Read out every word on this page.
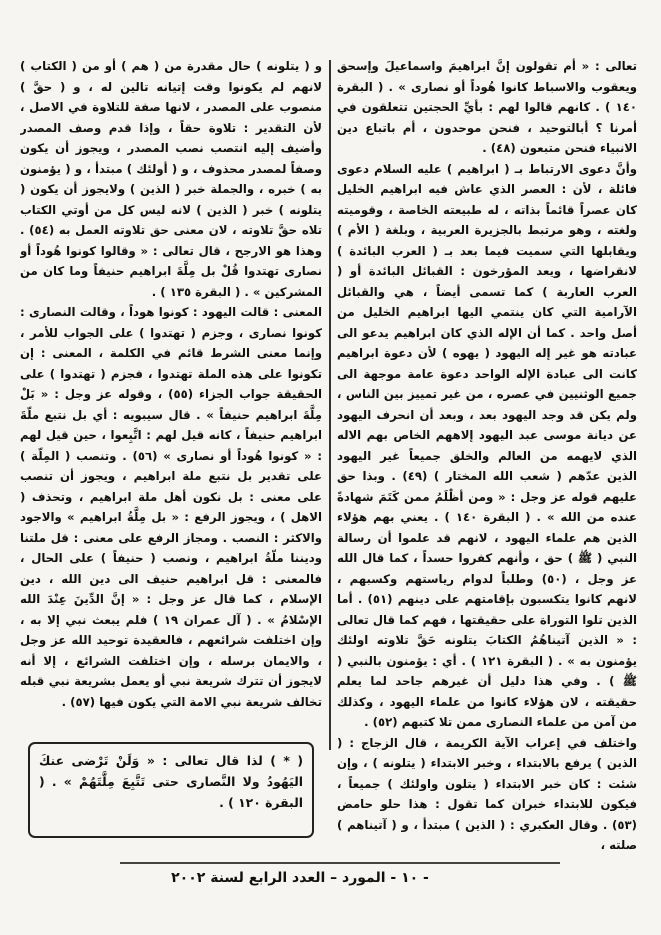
تعالى : « أم تقولون إنَّ ابراهيمَ واسماعيلَ وإسحق ويعقوب والاسباط كانوا هُوداً أو نصارى » . ( البقرة ١٤٠ ) . كانهم قالوا لهم : بأيِّ الحجتين تتعلقون في أمرنا ؟ أبالتوحيد ، فنحن موحدون ، أم باتباع دين الانبياء فنحن متبعون (٤٨) .

وأنَّ دعوى الارتباط بـ ( ابراهيم ) عليه السلام دعوى فائلة ، لأن : العصر الذي عاش فيه ابراهيم الخليل كان عصراً قائماً بذاته ، له طبيعته الخاصة ، وقوميته ولغته ، وهو مرتبط بالجزيرة العربية ، وبلغة ( الأم ) ويقابلها التي سميت فيما بعد بـ ( العرب البائدة ) لانقراضها ، ويعد المؤرخون : القبائل البائدة أو ( العرب العاربة ) كما تسمى أيضاً ، هي والقبائل الآرامية التي كان ينتمي اليها ابراهيم الخليل من أصل واحد . كما أن الإله الذي كان ابراهيم يدعو الى عبادته هو غير إله اليهود ( يهوه ) لأن دعوة ابراهيم كانت الى عبادة الإله الواحد دعوة عامة موجهة الى جميع الوثنيين في عصره ، من غير تمييز بين الناس ، ولم يكن قد وجد اليهود بعد ، وبعد أن انحرف اليهود عن ديانة موسى عبد اليهود إلاههم الخاص بهم الاله الذي لايهمه من العالم والخلق جميعاً غير اليهود الذين عدّهم ( شعب الله المختار ) (٤٩) . وبذا حق عليهم قوله عز وجل : « ومن أظْلَمُ ممن كَتَمَ شهادةً عنده من الله » . ( البقرة ١٤٠ ) . يعني بهم هؤلاء الذين هم علماء اليهود ، لانهم قد علموا أن رسالة النبي ( ﷺ ) حق ، وأنهم كفروا حسداً ، كما قال الله عز وجل ، (٥٠) وطلباً لدوام رياستهم وكسبهم ، لانهم كانوا يتكسبون بإقامتهم على دينهم (٥١) . أما الذين تلوا التوراة على حقيقتها ، فهم كما قال تعالى : « الذين آتيناهُمُ الكتابَ يتلونه حَقَّ تلاوته اولئك يؤمنون به » . ( البقرة ١٢١ ) . أي : يؤمنون بالنبي ( ﷺ ) . وفي هذا دليل أن غيرهم جاحد لما يعلم حقيقته ، لان هؤلاء كانوا من علماء اليهود ، وكذلك من آمن من علماء النصارى ممن تلا كتبهم (٥٢) .

واختلف في إعراب الآية الكريمة ، قال الزجاج : ( الذين ) يرفع بالابتداء ، وخبر الابتداء ( يتلونه ) ، وإن شئت : كان خبر الابتداء ( يتلون واولئك ) جميعاً ، فيكون للابتداء خبران كما تقول : هذا حلو حامض (٥٣) . وقال العكبري : ( الذين ) مبتدأ ، و ( آتيناهم ) صلته ،

و ( يتلونه ) حال مقدرة من ( هم ) أو من ( الكتاب ) لانهم لم يكونوا وقت إتيانه تالين له ، و ( حقَّ ) منصوب على المصدر ، لانها صفة للتلاوة في الاصل ، لأن التقدير : تلاوة حقاً ، وإذا قدم وصف المصدر وأضيف إليه انتصب نصب المصدر ، ويجوز أن يكون وصفاً لمصدر محذوف ، و ( أولئك ) مبتدأ ، و ( يؤمنون به ) خبره ، والجملة خبر ( الذين ) ولايجوز أن يكون ( يتلونه ) خبر ( الذين ) لانه ليس كل من أوتي الكتاب تلاه حقَّ تلاوته ، لان معنى حق تلاوته العمل به (٥٤) . وهذا هو الارجح ، قال تعالى : « وقالوا كونوا هُوداً أو نصارى تهتدوا قُلْ بل مِلَّةَ ابراهيم حنيفاً وما كان من المشركين » . ( البقرة ١٣٥ ) .

المعنى : قالت اليهود : كونوا هوداً ، وقالت النصارى : كونوا نصارى ، وجزم ( تهتدوا ) على الجواب للأمر ، وإنما معنى الشرط قائم في الكلمة ، المعنى : إن تكونوا على هذه الملة تهتدوا ، فجزم ( تهتدوا ) على الحقيقة جواب الجزاء (٥٥) ، وقوله عز وجل : « بَلْ مِلَّةَ ابراهيم حنيفاً » . قال سيبويه : أي بل نتبع ملّةَ ابراهيم حنيفاً ، كانه قيل لهم : اتَّبِعوا ، حين قيل لهم : « كونوا هُوداً أو نصارى » (٥٦) . وتنصب ( المِلّة ) على تقدير بل نتبع ملة ابراهيم ، ويجوز أن تنصب على معنى : بل نكون أهل ملة ابراهيم ، وتحذف ( الاهل ) ، ويجوز الرفع : « بل مِلَّةُ ابراهيم » والاجود والاكثر : النصب . ومجاز الرفع على معنى : قل ملتنا وديننا ملّةُ ابراهيم ، ونصب ( حنيفاً ) على الحال ، فالمعنى : قل ابراهيم حنيف الى دين الله ، دين الإسلام ، كما قال عز وجل : « إنَّ الدِّينَ عِنْدَ الله الإسْلامُ » . ( آل عمران ١٩ ) فلم يبعث نبي إلا به ، وإن اختلفت شرائعهم ، فالعقيدة توحيد الله عز وجل ، والايمان برسله ، وإن اختلفت الشرائع ، إلا أنه لايجوز أن تترك شريعة نبي أو يعمل بشريعة نبي قبله تخالف شريعة نبي الامة التي يكون فيها (٥٧) .

( * ) لذا قال تعالى : « وَلَنْ تَرْضى عنكَ اليَهُودُ ولا النَّصارى حتى تَتَّبِعَ مِلَّتَهُمْ » . ( البقرة ١٢٠ ) .
- ١٠ - المورد – العدد الرابع لسنة ٢٠٠٢
